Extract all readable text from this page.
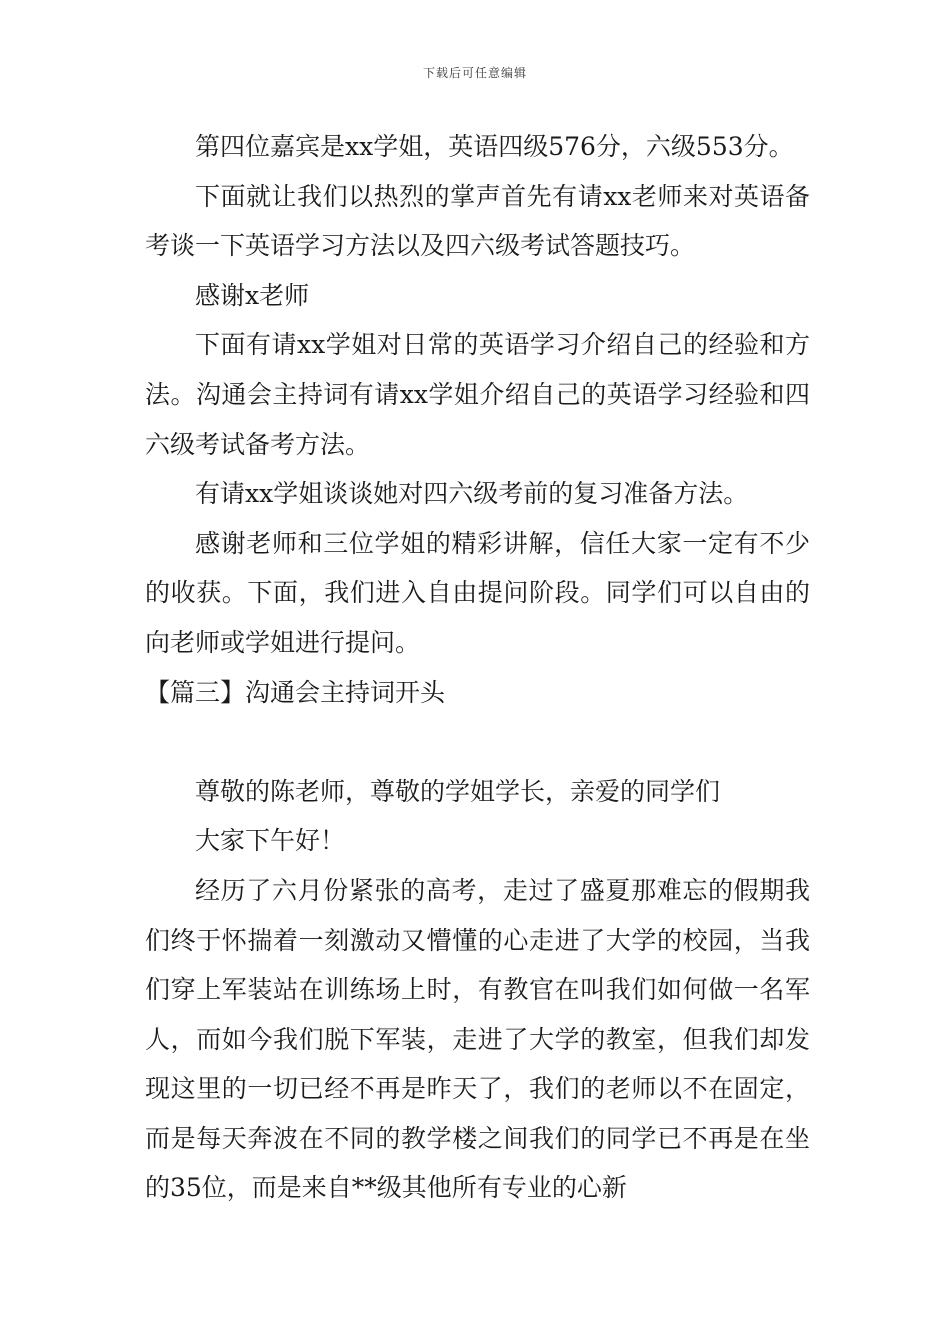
下载后可任意编辑

第四位嘉宾是xx学姐，英语四级576分，六级553分。

下面就让我们以热烈的掌声首先有请xx老师来对英语备考谈一下英语学习方法以及四六级考试答题技巧。

感谢x老师

下面有请xx学姐对日常的英语学习介绍自己的经验和方法。沟通会主持词有请xx学姐介绍自己的英语学习经验和四六级考试备考方法。

有请xx学姐谈谈她对四六级考前的复习准备方法。

感谢老师和三位学姐的精彩讲解，信任大家一定有不少的收获。下面，我们进入自由提问阶段。同学们可以自由的向老师或学姐进行提问。

【篇三】沟通会主持词开头

尊敬的陈老师，尊敬的学姐学长，亲爱的同学们

大家下午好！

经历了六月份紧张的高考，走过了盛夏那难忘的假期我们终于怀揣着一刻激动又懵懂的心走进了大学的校园，当我们穿上军装站在训练场上时，有教官在叫我们如何做一名军人，而如今我们脱下军装，走进了大学的教室，但我们却发现这里的一切已经不再是昨天了，我们的老师以不在固定，而是每天奔波在不同的教学楼之间我们的同学已不再是在坐的35位，而是来自**级其他所有专业的心新
